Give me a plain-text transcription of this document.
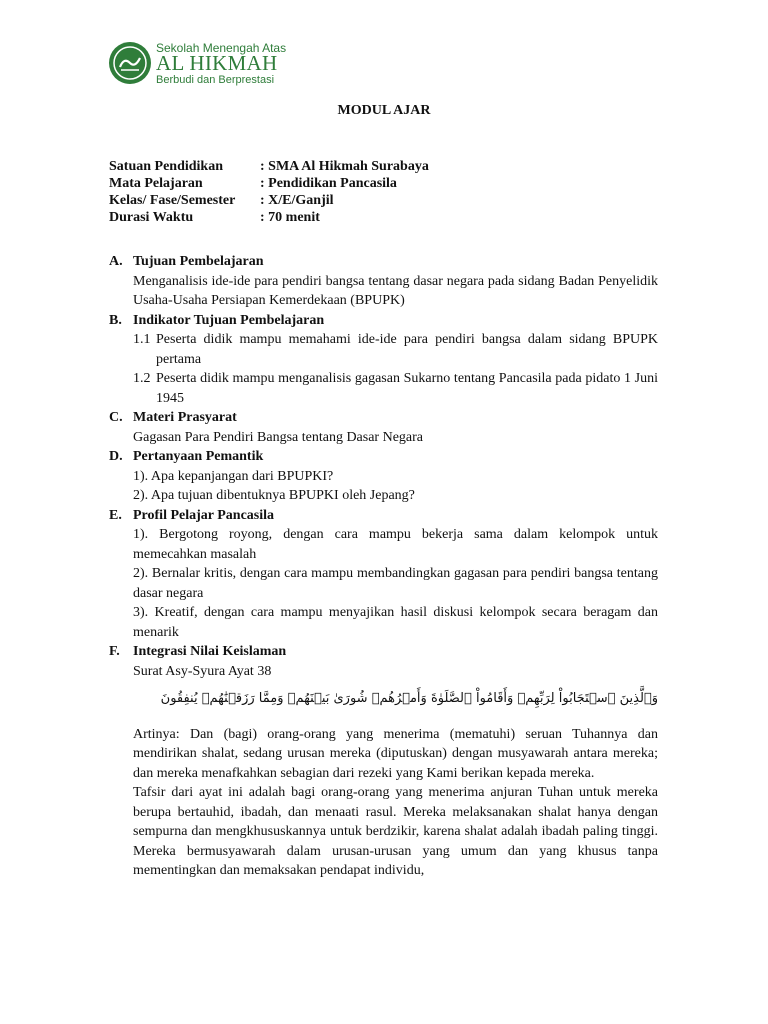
Sekolah Menengah Atas
AL HIKMAH
Berbudi dan Berprestasi
MODUL AJAR
Satuan Pendidikan	: SMA Al Hikmah Surabaya
Mata Pelajaran	: Pendidikan Pancasila
Kelas/ Fase/Semester	: X/E/Ganjil
Durasi Waktu	: 70 menit
A. Tujuan Pembelajaran
Menganalisis ide-ide para pendiri bangsa tentang dasar negara pada sidang Badan Penyelidik Usaha-Usaha Persiapan Kemerdekaan (BPUPK)
B. Indikator Tujuan Pembelajaran
1.1 Peserta didik mampu memahami ide-ide para pendiri bangsa dalam sidang BPUPK pertama
1.2 Peserta didik mampu menganalisis gagasan Sukarno tentang Pancasila pada pidato 1 Juni 1945
C. Materi Prasyarat
Gagasan Para Pendiri Bangsa tentang Dasar Negara
D. Pertanyaan Pemantik
1). Apa kepanjangan dari BPUPKI?
2). Apa tujuan dibentuknya BPUPKI oleh Jepang?
E. Profil Pelajar Pancasila
1). Bergotong royong, dengan cara mampu bekerja sama dalam kelompok untuk memecahkan masalah
2). Bernalar kritis, dengan cara mampu membandingkan gagasan para pendiri bangsa tentang dasar negara
3). Kreatif, dengan cara mampu menyajikan hasil diskusi kelompok secara beragam dan menarik
F. Integrasi Nilai Keislaman
Surat Asy-Syura Ayat 38
وَٱلَّذِينَ ٱسۡتَجَابُواْ لِرَبِّهِمۡ وَأَقَامُواْ ٱلصَّلَوٰةَ وَأَمۡرُهُمۡ شُورَىٰ بَيۡنَهُمۡ وَمِمَّا رَزَقۡنَٰهُمۡ يُنفِقُونَ
Artinya: Dan (bagi) orang-orang yang menerima (mematuhi) seruan Tuhannya dan mendirikan shalat, sedang urusan mereka (diputuskan) dengan musyawarah antara mereka; dan mereka menafkahkan sebagian dari rezeki yang Kami berikan kepada mereka.
Tafsir dari ayat ini adalah bagi orang-orang yang menerima anjuran Tuhan untuk mereka berupa bertauhid, ibadah, dan menaati rasul. Mereka melaksanakan shalat hanya dengan sempurna dan mengkhususkannya untuk berdzikir, karena shalat adalah ibadah paling tinggi. Mereka bermusyawarah dalam urusan-urusan yang umum dan yang khusus tanpa mementingkan dan memaksakan pendapat individu,
